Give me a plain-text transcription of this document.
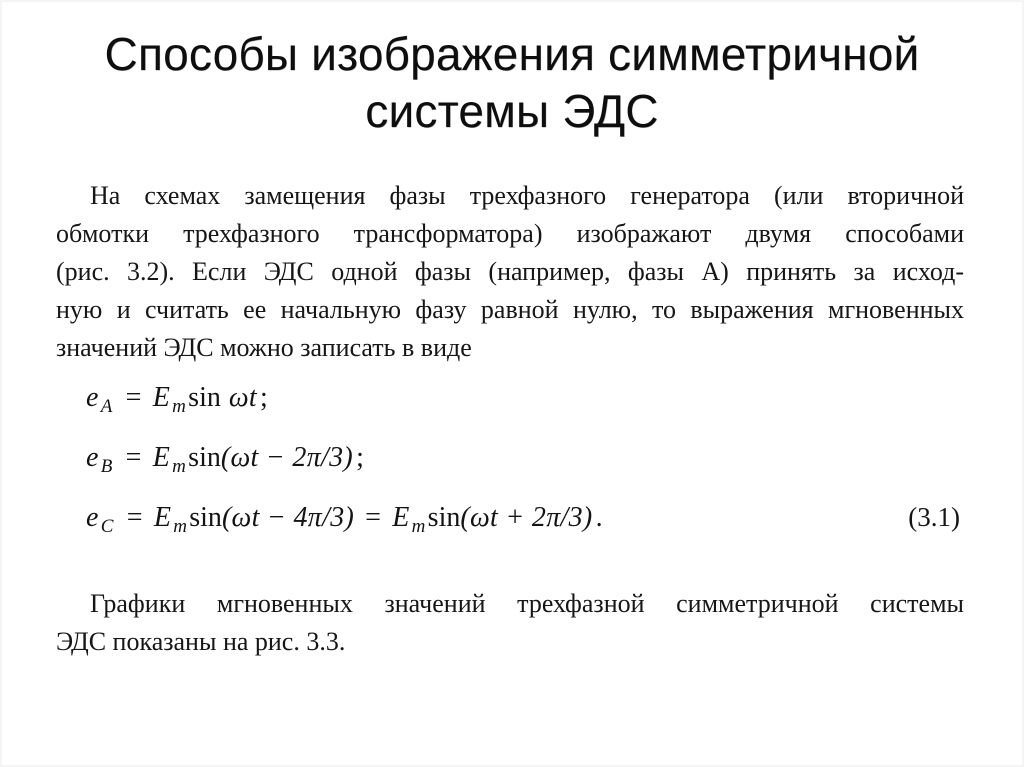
Способы изображения симметричной
системы ЭДС
На схемах замещения фазы трехфазного генератора (или вторичной
обмотки трехфазного трансформатора) изображают двумя способами
(рис. 3.2). Если ЭДС одной фазы (например, фазы А) принять за исход-
ную и считать ее начальную фазу равной нулю, то выражения мгновенных
значений ЭДС можно записать в виде
e $_A$ = E $_m$sin ωt ;
e $_B$ = E $_m$sin(ωt − 2π/3) ;
e $_C$ = E $_m$sin(ωt − 4π/3) = E $_m$sin(ωt + 2π/3) .	(3.1)
Графики мгновенных значений трехфазной симметричной системы
ЭДС показаны на рис. 3.3.
